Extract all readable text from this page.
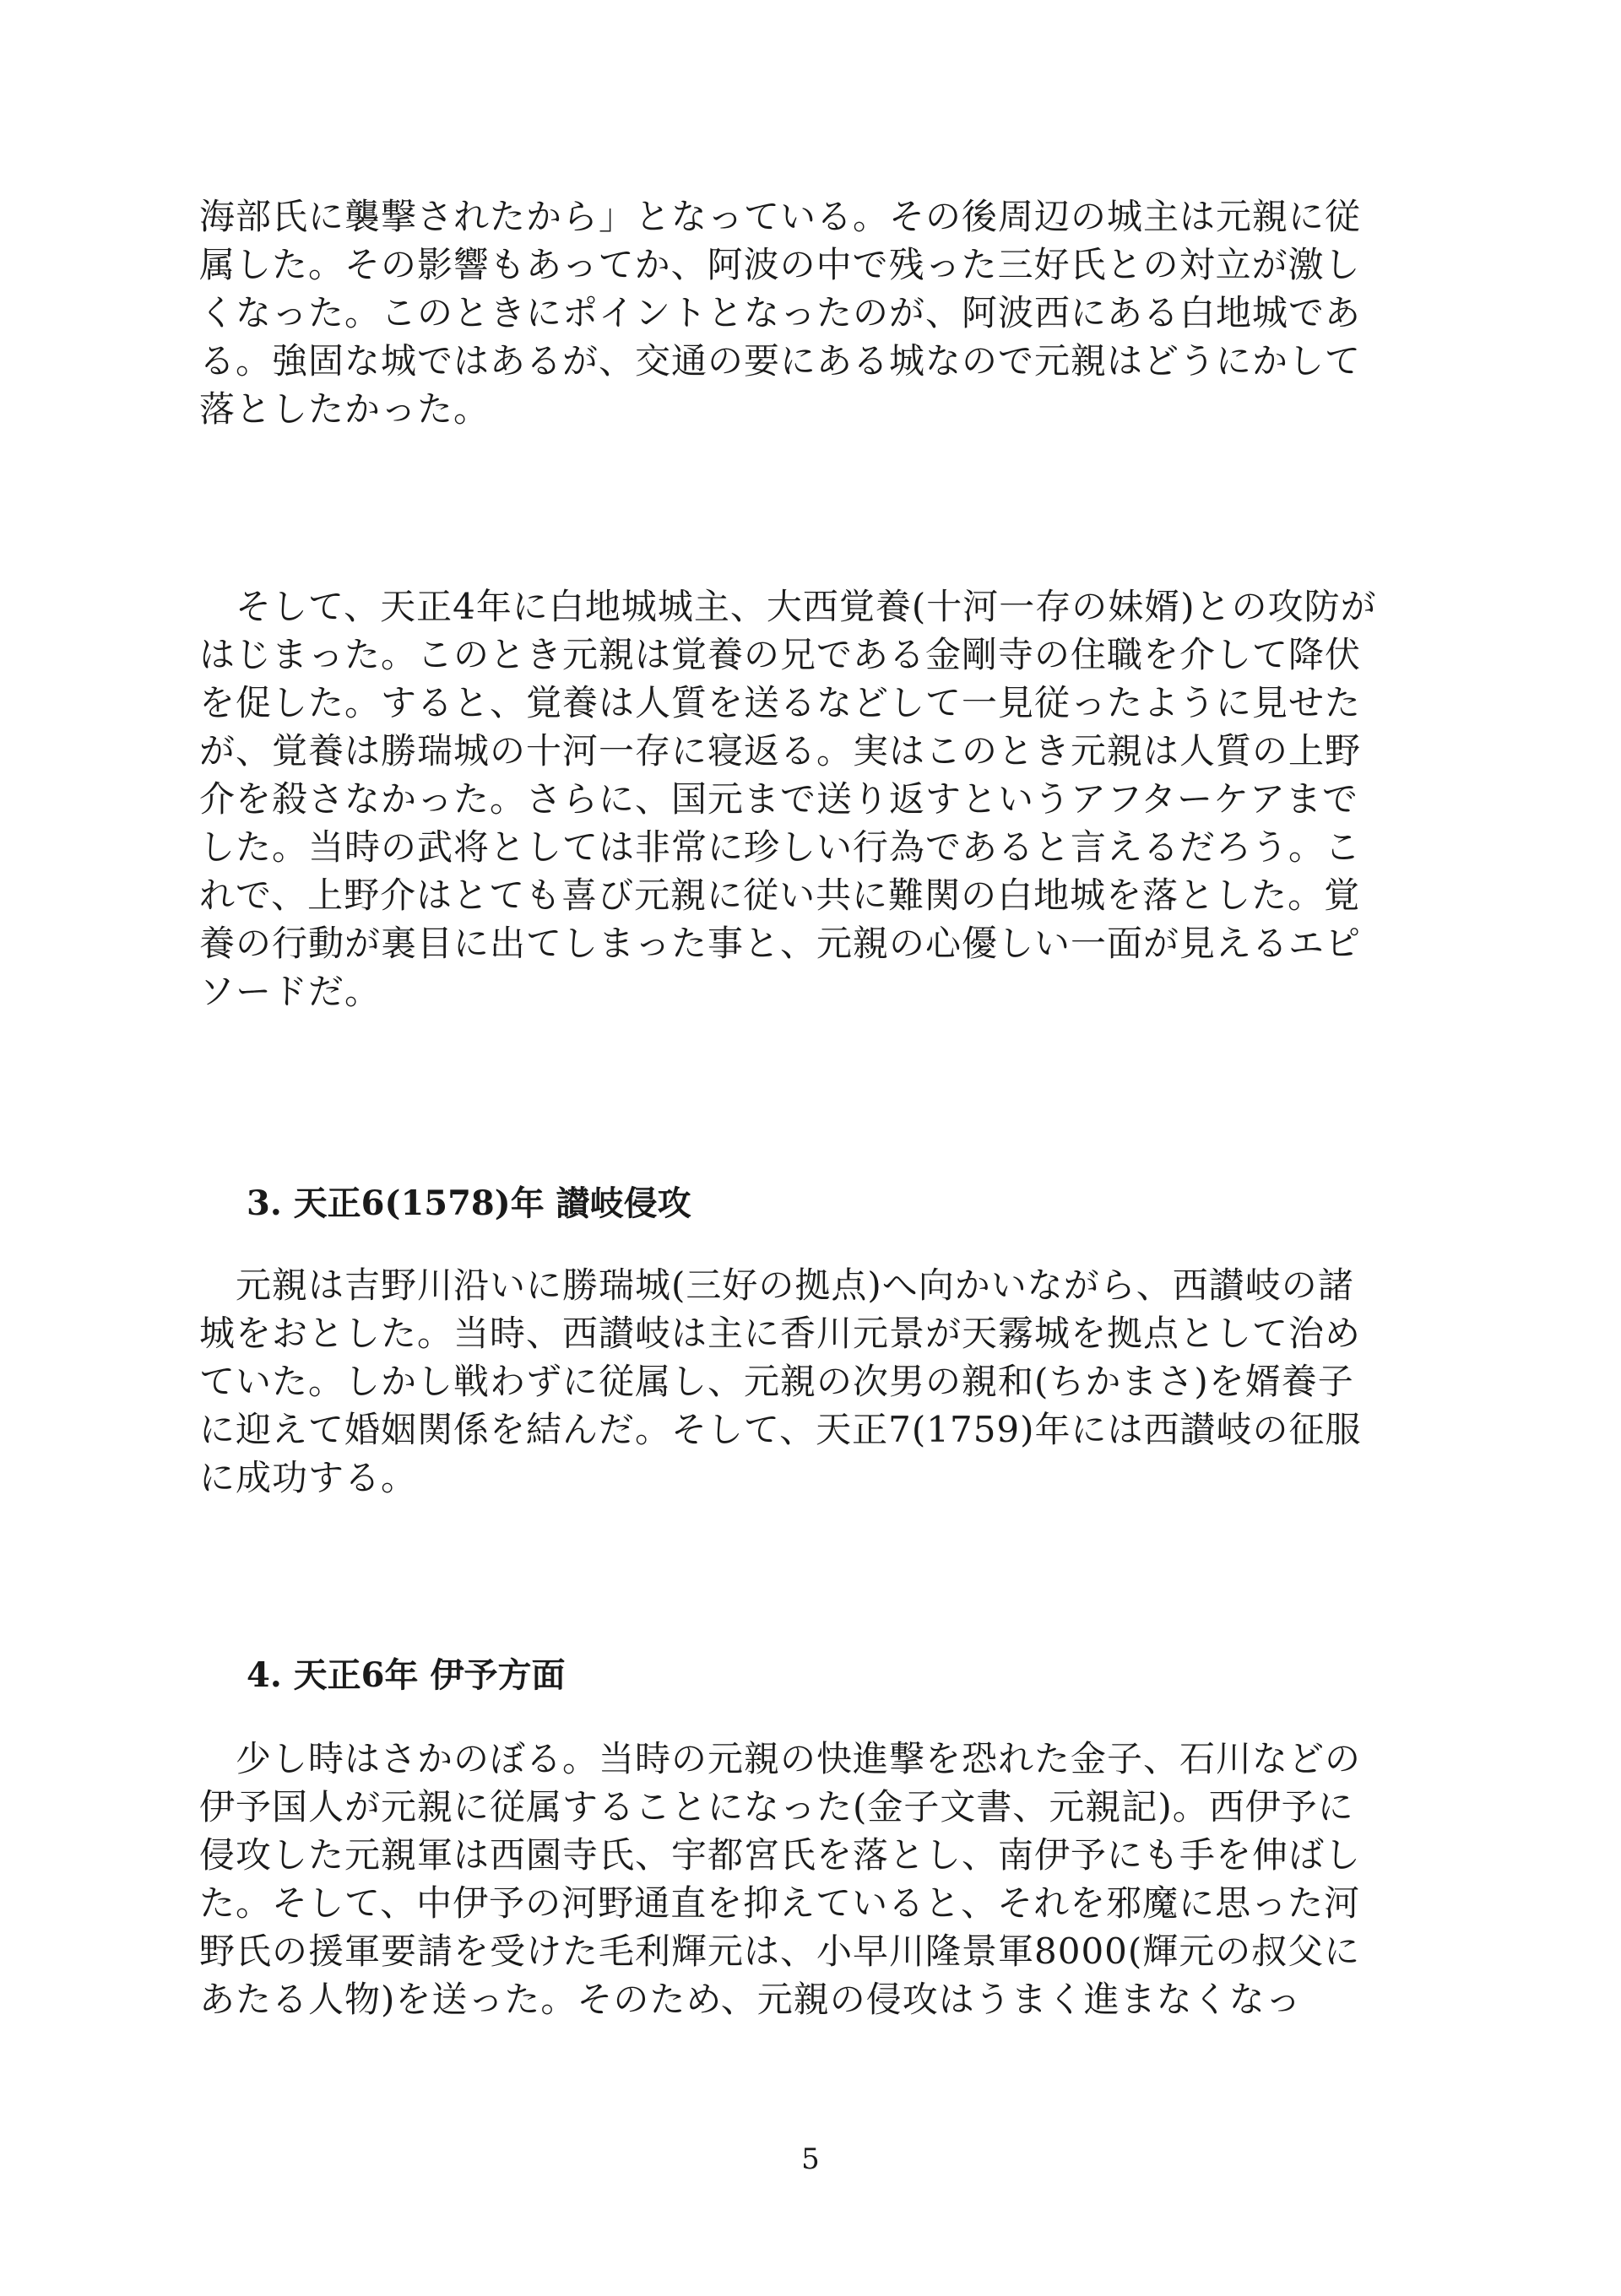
海部氏に襲撃されたから」となっている。その後周辺の城主は元親に従
属した。その影響もあってか、阿波の中で残った三好氏との対立が激し
くなった。このときにポイントとなったのが、阿波西にある白地城であ
る。強固な城ではあるが、交通の要にある城なので元親はどうにかして
落としたかった。
　そして、天正4年に白地城城主、大西覚養(十河一存の妹婿)との攻防が
はじまった。このとき元親は覚養の兄である金剛寺の住職を介して降伏
を促した。すると、覚養は人質を送るなどして一見従ったように見せた
が、覚養は勝瑞城の十河一存に寝返る。実はこのとき元親は人質の上野
介を殺さなかった。さらに、国元まで送り返すというアフターケアまで
した。当時の武将としては非常に珍しい行為であると言えるだろう。こ
れで、上野介はとても喜び元親に従い共に難関の白地城を落とした。覚
養の行動が裏目に出てしまった事と、元親の心優しい一面が見えるエピ
ソードだ。
3. 天正6(1578)年 讃岐侵攻
　元親は吉野川沿いに勝瑞城(三好の拠点)へ向かいながら、西讃岐の諸
城をおとした。当時、西讃岐は主に香川元景が天霧城を拠点として治め
ていた。しかし戦わずに従属し、元親の次男の親和(ちかまさ)を婿養子
に迎えて婚姻関係を結んだ。そして、天正7(1759)年には西讃岐の征服
に成功する。
4. 天正6年 伊予方面
　少し時はさかのぼる。当時の元親の快進撃を恐れた金子、石川などの
伊予国人が元親に従属することになった(金子文書、元親記)。西伊予に
侵攻した元親軍は西園寺氏、宇都宮氏を落とし、南伊予にも手を伸ばし
た。そして、中伊予の河野通直を抑えていると、それを邪魔に思った河
野氏の援軍要請を受けた毛利輝元は、小早川隆景軍8000(輝元の叔父に
あたる人物)を送った。そのため、元親の侵攻はうまく進まなくなっ
5
